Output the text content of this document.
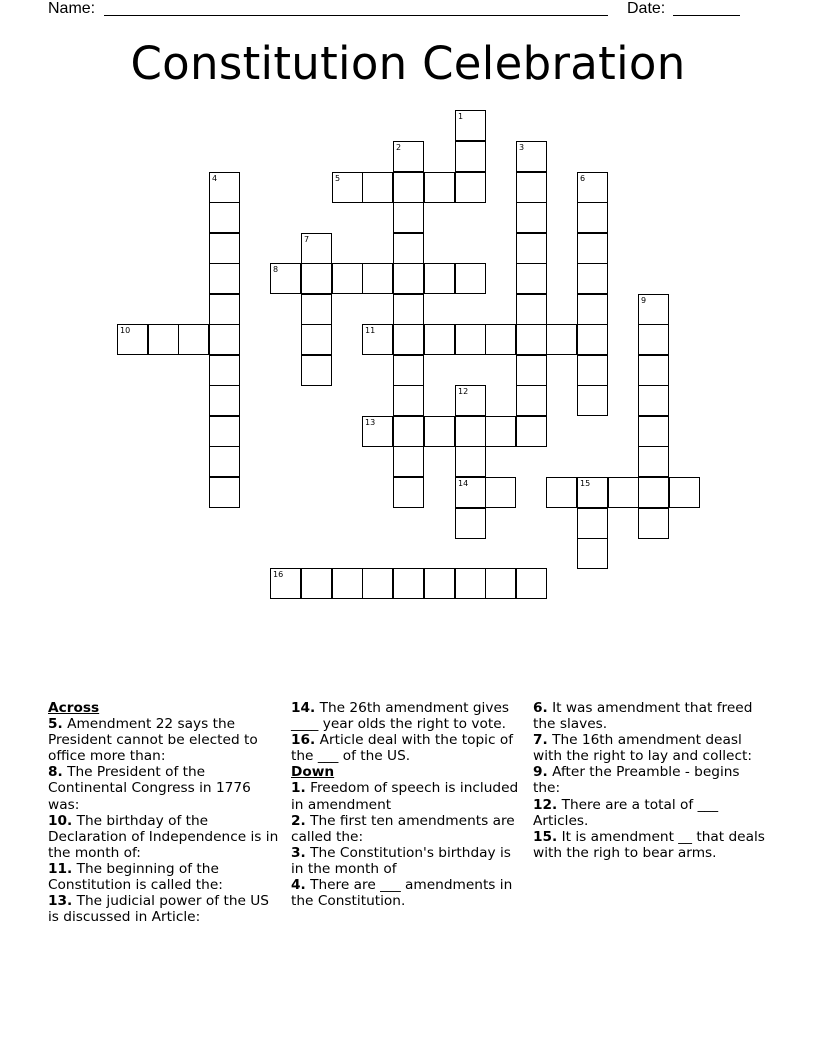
Name:	Date:
Constitution Celebration
1
2	3
4	5	6
7
8
9
10	11
12
14
13
15
16
Across
5. Amendment 22 says the President cannot be elected to office more than:
8. The President of the Continental Congress in 1776 was:
10. The birthday of the Declaration of Independence is in the month of:
11. The beginning of the Constitution is called the:
13. The judicial power of the US is discussed in Article:
14. The 26th amendment gives ____ year olds the right to vote.
16. Article deal with the topic of the ___ of the US.
Down
1. Freedom of speech is included in amendment
2. The first ten amendments are called the:
3. The Constitution's birthday is in the month of
4. There are ___ amendments in the Constitution.
6. It was amendment that freed the slaves.
7. The 16th amendment deasl with the right to lay and collect:
9. After the Preamble - begins the:
12. There are a total of ___ Articles.
15. It is amendment __ that deals with the righ to bear arms.
